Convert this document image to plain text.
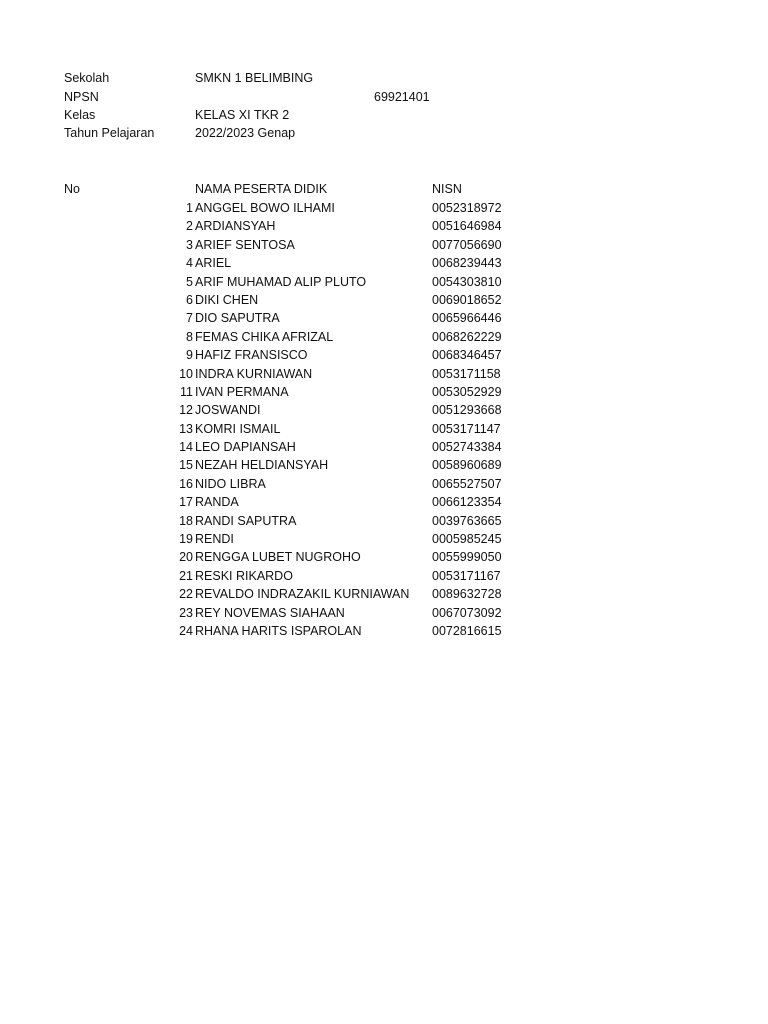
Sekolah	SMKN 1 BELIMBING
NPSN	69921401
Kelas	KELAS XI TKR 2
Tahun Pelajaran	2022/2023 Genap
No	NAMA PESERTA DIDIK	NISN
1 ANGGEL BOWO ILHAMI	0052318972
2 ARDIANSYAH	0051646984
3 ARIEF SENTOSA	0077056690
4 ARIEL	0068239443
5 ARIF MUHAMAD ALIP PLUTO	0054303810
6 DIKI CHEN	0069018652
7 DIO SAPUTRA	0065966446
8 FEMAS CHIKA AFRIZAL	0068262229
9 HAFIZ FRANSISCO	0068346457
10 INDRA KURNIAWAN	0053171158
11 IVAN PERMANA	0053052929
12 JOSWANDI	0051293668
13 KOMRI ISMAIL	0053171147
14 LEO DAPIANSAH	0052743384
15 NEZAH HELDIANSYAH	0058960689
16 NIDO LIBRA	0065527507
17 RANDA	0066123354
18 RANDI SAPUTRA	0039763665
19 RENDI	0005985245
20 RENGGA LUBET NUGROHO	0055999050
21 RESKI RIKARDO	0053171167
22 REVALDO INDRAZAKIL KURNIAWAN 0089632728
23 REY NOVEMAS SIAHAAN	0067073092
24 RHANA HARITS ISPAROLAN	0072816615
